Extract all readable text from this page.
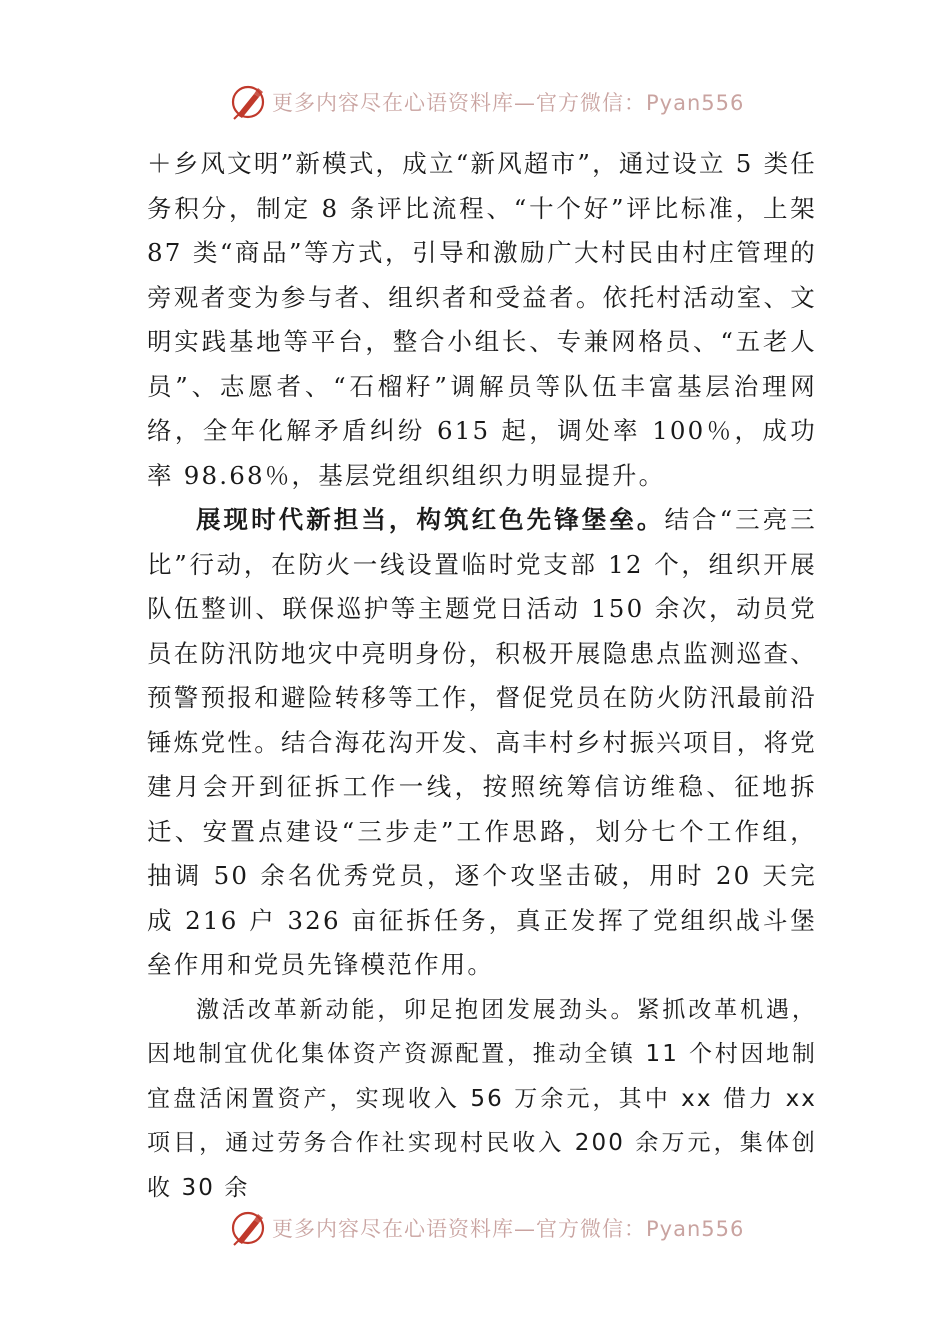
更多内容尽在心语资料库—官方微信：Pyan556

＋乡风文明”新模式，成立“新风超市”，通过设立 5 类任务积分，制定 8 条评比流程、“十个好”评比标准，上架 87 类“商品”等方式，引导和激励广大村民由村庄管理的旁观者变为参与者、组织者和受益者。依托村活动室、文明实践基地等平台，整合小组长、专兼网格员、“五老人员”、志愿者、“石榴籽”调解员等队伍丰富基层治理网络，全年化解矛盾纠纷 615 起，调处率 100％，成功率 98.68％，基层党组织组织力明显提升。

展现时代新担当，构筑红色先锋堡垒。结合“三亮三比”行动，在防火一线设置临时党支部 12 个，组织开展队伍整训、联保巡护等主题党日活动 150 余次，动员党员在防汛防地灾中亮明身份，积极开展隐患点监测巡查、预警预报和避险转移等工作，督促党员在防火防汛最前沿锤炼党性。结合海花沟开发、高丰村乡村振兴项目，将党建月会开到征拆工作一线，按照统筹信访维稳、征地拆迁、安置点建设“三步走”工作思路，划分七个工作组，抽调 50 余名优秀党员，逐个攻坚击破，用时 20 天完成 216 户 326 亩征拆任务，真正发挥了党组织战斗堡垒作用和党员先锋模范作用。

激活改革新动能，卯足抱团发展劲头。紧抓改革机遇，因地制宜优化集体资产资源配置，推动全镇 11 个村因地制宜盘活闲置资产，实现收入 56 万余元，其中 xx 借力 xx 项目，通过劳务合作社实现村民收入 200 余万元，集体创收 30 余

更多内容尽在心语资料库—官方微信：Pyan556
